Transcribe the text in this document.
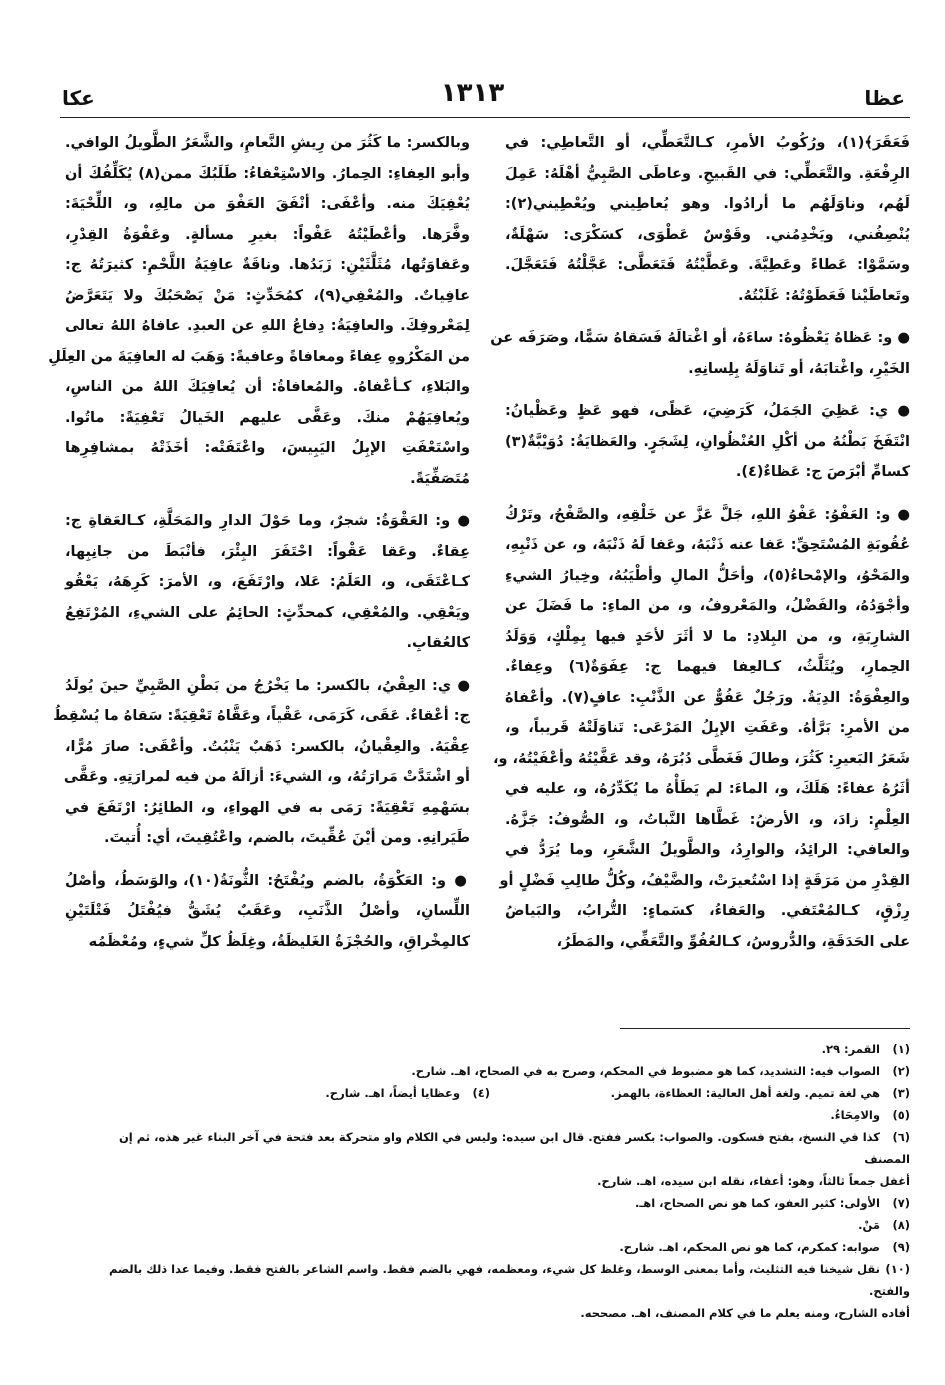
عظا
١٣١٣
عكا
فَعَقَرَ﴾(١)، ورُكُوبُ الأمرِ، كـالتَّعَطِّي، أو التَّعاطِي: في
الرِفْعَةِ. والتَّعَطِّي: في القَبيحِ. وعاطَى الصَّبِيُّ أهْلَهُ: عَمِلَ
لَهُم، وناوَلَهُم ما أرادُوا. وهو يُعاطِيني ويُعْطِيني(٢):
يُنْصِفُني، ويَخْدِمُني. وقَوْسٌ عَطْوَى، كسَكْرَى: سَهْلَةٌ،
وسَمَّوْا: عَطاءً وعَطِيَّةَ. وعَطَّيْتُهُ فَتَعَطَّى: عَجَّلْتُهُ فَتَعَجَّلَ.
وتَعاطَيْنا فَعَطَوْتُهُ: غَلَبْتُهُ.
● و: عَظاهُ يَعْظُوهُ: ساءَهُ، أو اغْتالَهُ فَسَقاهُ سَمًّا، وصَرَفَه عن
الخَيْرِ، واغْتابَهُ، أو تَناوَلَهُ بِلِسانِهِ.
● ي: عَظِيَ الجَمَلُ، كَرَضِيَ، عَظًى، فهو عَظٍ وعَظْيانُ:
انْتَفَخَ بَطْنُهُ من أكْلِ العُنْظُوانِ، لِشَجَرٍ. والعَظايَةُ: دُوَيْبَّةٌ(٣)
كسامِّ أبْرَصَ ج: عَظاءٌ(٤).
● و: العَفْوُ: عَفْوُ اللهِ، جَلَّ عَزَّ عن خَلْقِهِ، والصَّفْحُ، وتَرْكُ
عُقُوبَةِ المُسْتَحِقِّ: عَفا عنه ذَنْبَهُ، وعَفا لَهُ ذَنْبَهُ، و، عن ذَنْبِهِ،
والمَحْوُ، والإمْحاءُ(٥)، وأحَلُّ المالِ وأطْيَبُهُ، وخِيارُ الشيءِ
وأجْوَدُهُ، والفَضْلُ، والمَعْروفُ، و، من الماءِ: ما فَضَلَ عن
الشارِبَةِ، و، من البِلادِ: ما لا أثَرَ لأحَدٍ فيها بِمِلْكٍ، وَوَلَدُ
الحِمارِ، ويُثَلَّثُ، كـالعِفا فيهما ج: عِفَوَةٌ(٦) وعِفاءٌ.
والعِفْوَةُ: الدِيَةُ. ورَجُلٌ عَفُوٌّ عن الذَّنْبِ: عافٍ(٧). وأعْفاهُ
من الأمرِ: بَرَّأهُ. وعَفَتِ الإبِلُ المَرْعَى: تَناوَلَتْهُ قَريباً، و،
شَعَرُ البَعيرِ: كَثُرَ، وطالَ فَغَطَّى دُبُرَهُ، وقد عَفَّيْتُهُ وأعْفَيْتُهُ، و،
أثَرُهُ عفاءً: هَلَكَ، و، الماءَ: لم يَطَأْهُ ما يُكَدِّرُهُ، و، عليه في
العِلْمِ: زادَ، و، الأرضُ: غَطَّاها النَّباتُ، و، الصُّوفُ: جَزَّهُ.
والعافي: الرائِدُ، والوارِدُ، والطَّويلُ الشَّعَرِ، وما يُرَدُّ في
القِدْرِ من مَرَقَةٍ إذا اسْتُعيرَتْ، والضَّيْفُ، وكُلُّ طالِبِ فَضْلٍ أو
رِزْقٍ، كـالمُعْتَفي. والعَفاءُ، كسَماءٍ: التُّرابُ، والبَياضُ
على الحَدَقَةِ، والدُّروسُ، كـالعُفُوِّ والتَّعَفِّي، والمَطَرُ،
وبالكسر: ما كَثُرَ من رِيشِ النَّعامِ، والشَّعَرُ الطَّويلُ الوافي.
وأبو العِفاءِ: الحِمارُ. والاسْتِعْفاءُ: طَلَبُكَ ممن(٨) يُكَلِّفُكَ أن
يُعْفِيَكَ منه. وأعْفَى: أنْفَقَ العَفْوَ من مالِهِ، و، اللِّحْيَةَ:
وفَّرَها. وأعْطَيْتُهُ عَفْواً: بغيرِ مسألةٍ. وعَفْوَةُ القِدْرِ،
وعَفاوَتُها، مُثَلَّثَيْنِ: زَبَدُها. وناقَةٌ عافِيَةُ اللَّحْمِ: كثيرَتُهُ ج:
عافِياتٌ. والمُعْفِي(٩)، كمُحَدِّثٍ: مَنْ يَصْحَبُكَ ولا يَتَعَرَّضُ
لِمَعْروفِكَ. والعافِيَةُ: دِفاعُ اللهِ عن العبدِ. عافاهُ اللهُ تعالى
من المَكْرُوهِ عِفاءً ومعافاةً وعافيةً: وَهَبَ له العافِيَةَ من العِلَلِ
والبَلاءِ، كـأعْفاهُ. والمُعافاةُ: أن يُعافِيَكَ اللهُ من الناسِ،
ويُعافِيَهُمْ منكَ. وعَفَّى عليهم الخَيالُ تَعْفِيَةً: ماتُوا.
واسْتَعْفَتِ الإبِلُ اليَبِيسَ، واعْتَفَتْه: أخَذَتْهُ بمشافِرِها
مُتَصَفِّيَةً.
● و: العَقْوَةُ: شجرٌ، وما حَوْلَ الدارِ والمَحَلَّةِ، كـالعَقاةِ ج:
عِقاءٌ. وعَقا عَقْواً: احْتَفَرَ البِئْرَ، فأنْبَطَ من جانِبِها،
كـاعْتَقَى، و، العَلَمُ: عَلا، وارْتَفَعَ، و، الأمرَ: كَرِهَهُ، يَعْقُو
ويَعْقِي. والمُعْقِي، كمحدِّثٍ: الحائِمُ على الشيءِ، المُرْتَفِعُ
كالعُقابِ.
● ي: العِقْيُ، بالكسر: ما يَخْرُجُ من بَطْنِ الصَّبِيِّ حينَ يُولَدُ
ج: أعْقاءٌ. عَقَى، كَرَمَى، عَقْياً، وعَقَّاهُ تَعْقِيَةً: سَقاهُ ما يُسْقِطُ
عِقْيَهُ. والعِقْيانُ، بالكسر: ذَهَبٌ يَنْبُتُ. وأعْقَى: صارَ مُرًّا،
أو اشْتَدَّتْ مَرارَتُهُ، و، الشيءَ: أزالَهُ من فيه لمرارَتِهِ. وعَقَّى
بسَهْمِهِ تَعْقِيَةً: رَمَى به في الهواءِ، و، الطائِرُ: ارْتَفَعَ في
طَيَرانِهِ. ومن أيْنَ عُقِّيتَ، بالضم، واعْتُقِيتَ، أي: أُتيتَ.
● و: العَكْوَةُ، بالضم ويُفْتَحُ: الثُّونَةُ(١٠)، والوَسَطُ، وأصْلُ
اللِّسانِ، وأصْلُ الذَّنَبِ، وعَقَبٌ يُشَقُّ فيُفْتَلُ فَتْلَتَيْنِ
كالمِخْراقِ، والحُجْزَةُ الغَليظَةُ، وغِلَظُ كلِّ شيءٍ، ومُعْظَمُه
(١)القمر: ٢٩.
(٢)الصواب فيه: التشديد، كما هو مضبوط في المحكم، وصرح به في الصحاح، اهـ. شارح.
(٣)هي لغة تميم. ولغة أهل العالية: العظاءة، بالهمز.
(٤)وعظايا أيضاً، اهـ. شارح.
(٥)والامِحَاءُ.
(٦)كذا في النسخ، بفتح فسكون. والصواب: بكسر ففتح. قال ابن سيده: وليس في الكلام واو متحركة بعد فتحة في آخر البناء غير هذه، ثم إن المصنف
أغفل جمعاً ثالثاً، وهو: أعفاء، نقله ابن سيده، اهـ. شارح.
(٧)الأولى: كثير العفو، كما هو نص الصحاح، اهـ.
(٨)مَنْ.
(٩)صوابه: كمكرم، كما هو نص المحكم، اهـ. شارح.
(١٠)نقل شيخنا فيه التثليث، وأما بمعنى الوسط، وغلظ كل شيء، ومعظمه، فهي بالضم فقط. واسم الشاعر بالفتح فقط. وفيما عدا ذلك بالضم والفتح.
أفاده الشارح، ومنه يعلم ما في كلام المصنف، اهـ. مصححه.
